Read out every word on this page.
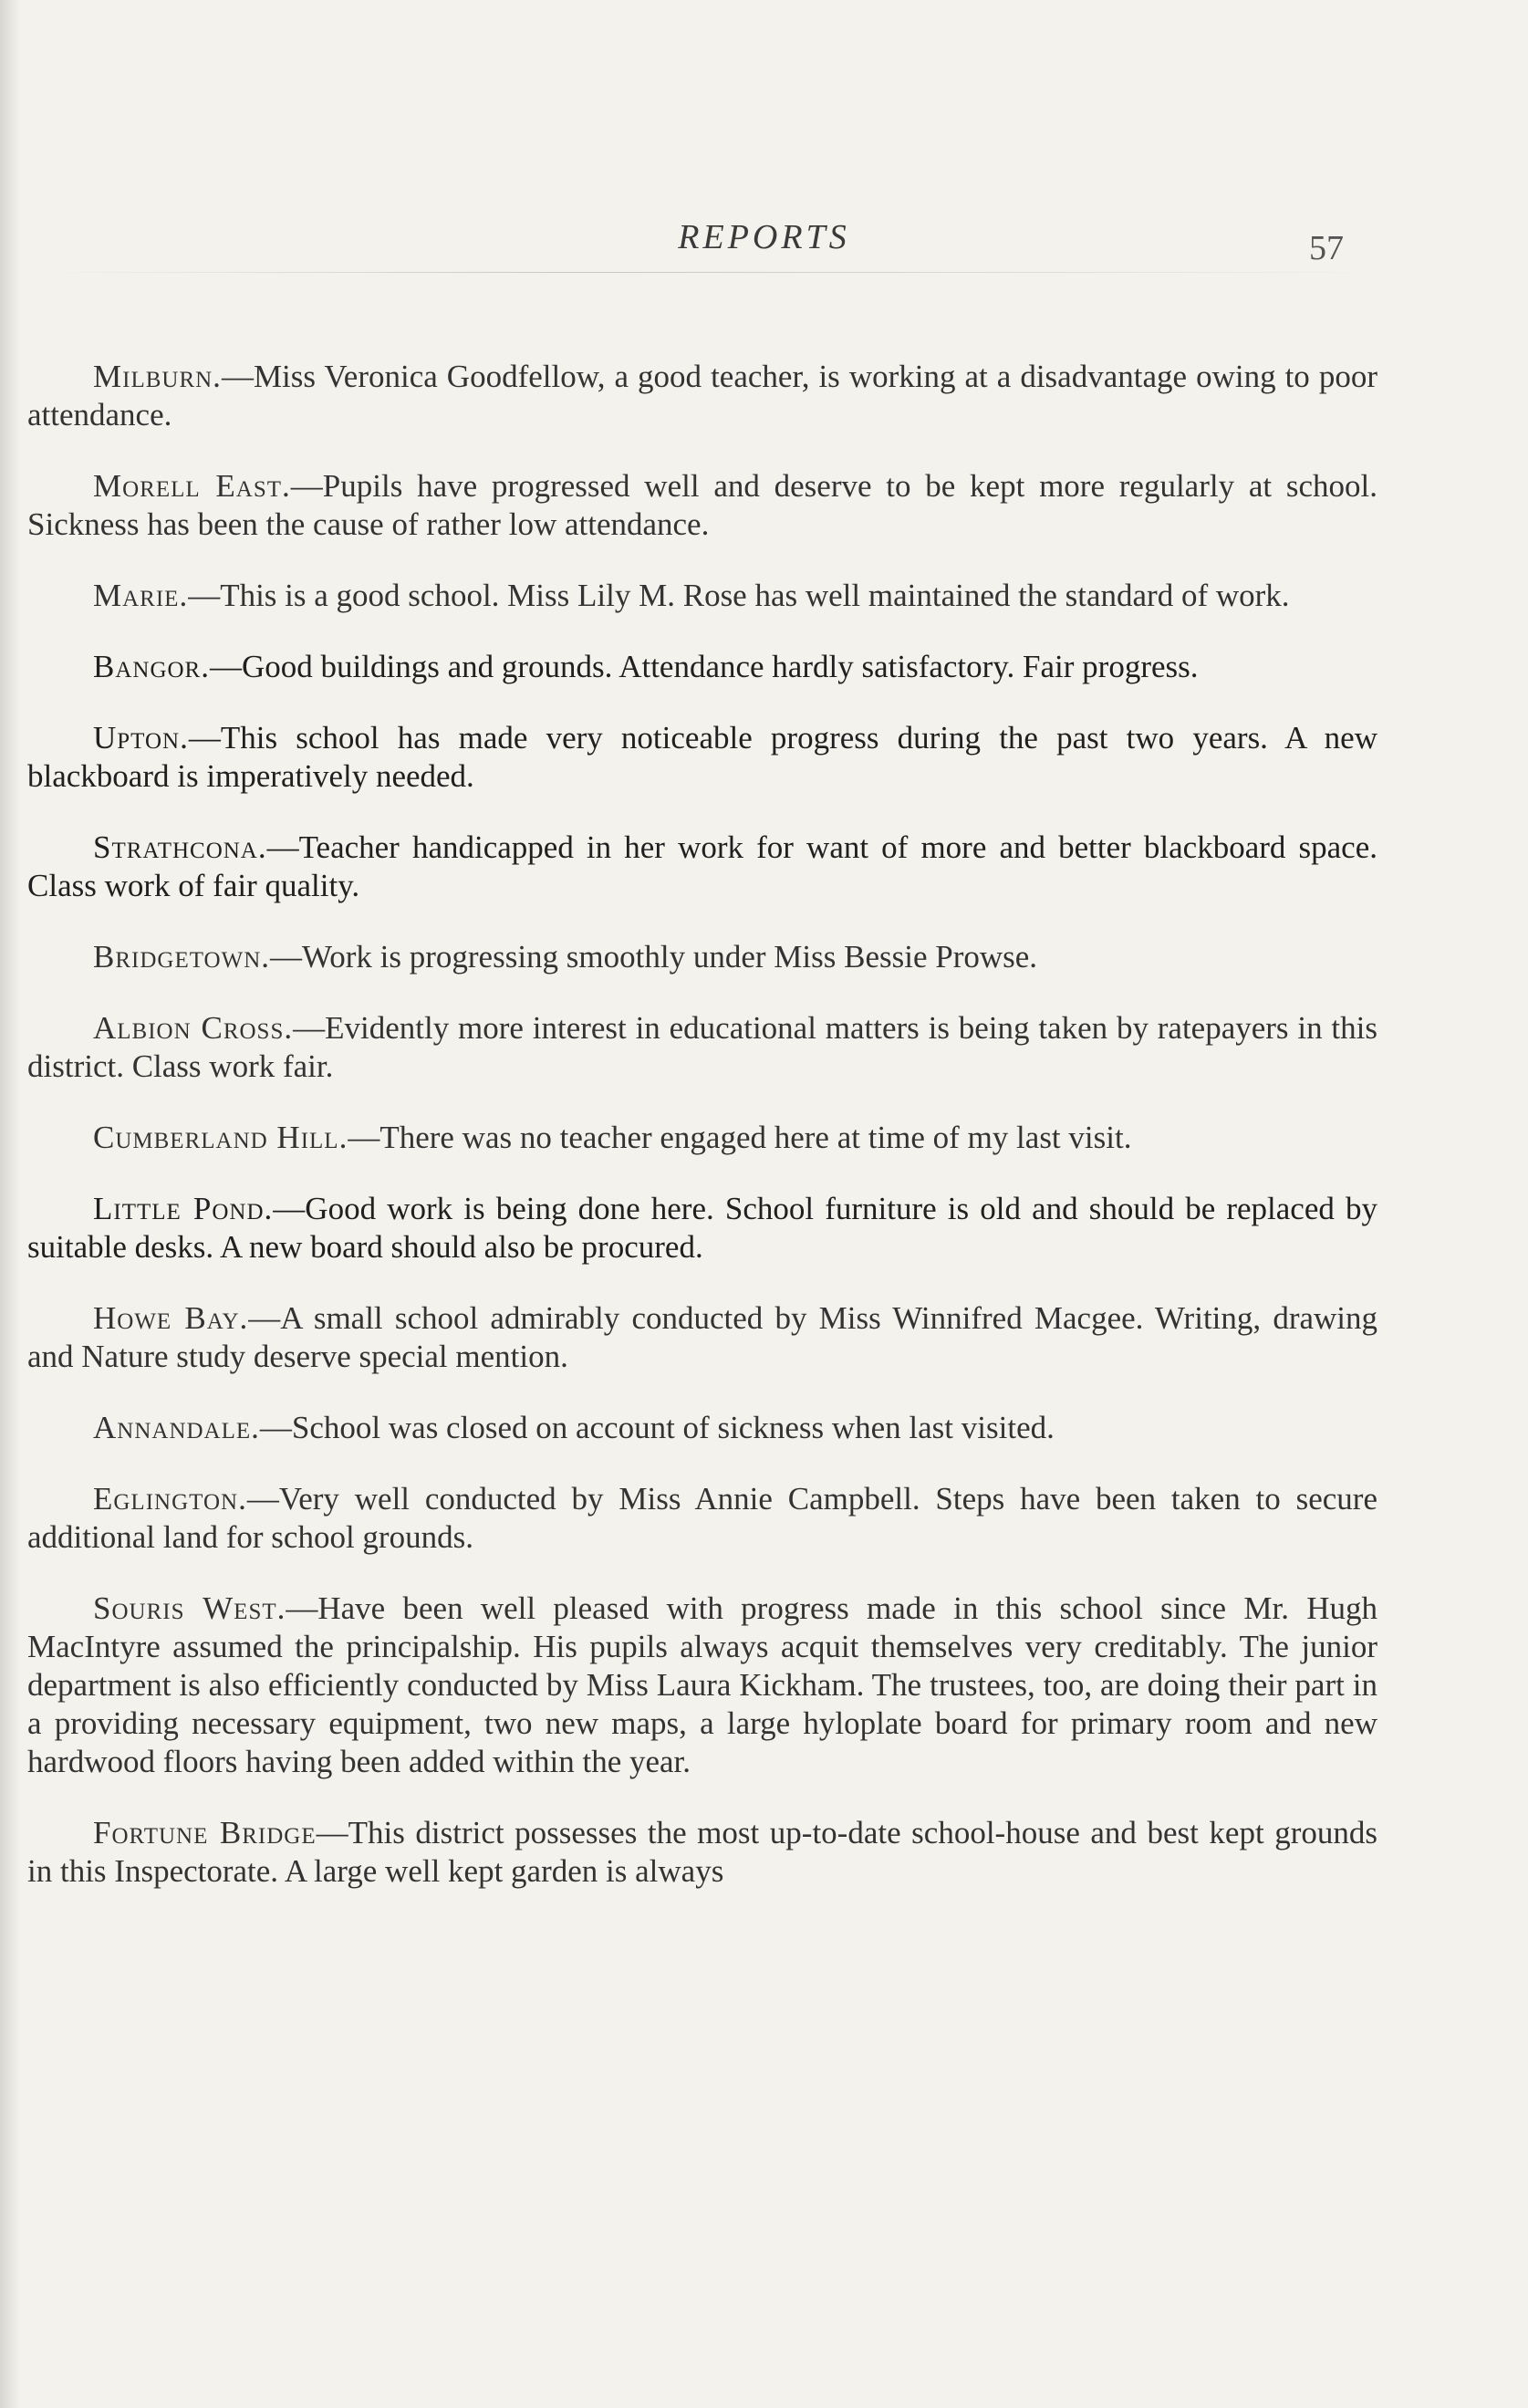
REPORTS	57

Milburn.—Miss Veronica Goodfellow, a good teacher, is working at a disadvantage owing to poor attendance.

Morell East.—Pupils have progressed well and deserve to be kept more regularly at school. Sickness has been the cause of rather low attendance.

Marie.—This is a good school. Miss Lily M. Rose has well maintained the standard of work.

Bangor.—Good buildings and grounds. Attendance hardly satisfactory. Fair progress.

Upton.—This school has made very noticeable progress during the past two years. A new blackboard is imperatively needed.

Strathcona.—Teacher handicapped in her work for want of more and better blackboard space. Class work of fair quality.

Bridgetown.—Work is progressing smoothly under Miss Bessie Prowse.

Albion Cross.—Evidently more interest in educational matters is being taken by ratepayers in this district. Class work fair.

Cumberland Hill.—There was no teacher engaged here at time of my last visit.

Little Pond.—Good work is being done here. School furniture is old and should be replaced by suitable desks. A new board should also be procured.

Howe Bay.—A small school admirably conducted by Miss Winnifred Macgee. Writing, drawing and Nature study deserve special mention.

Annandale.—School was closed on account of sickness when last visited.

Eglington.—Very well conducted by Miss Annie Campbell. Steps have been taken to secure additional land for school grounds.

Souris West.—Have been well pleased with progress made in this school since Mr. Hugh MacIntyre assumed the principalship. His pupils always acquit themselves very creditably. The junior department is also efficiently conducted by Miss Laura Kickham. The trustees, too, are doing their part in a providing necessary equipment, two new maps, a large hyloplate board for primary room and new hardwood floors having been added within the year.

Fortune Bridge—This district possesses the most up-to-date school-house and best kept grounds in this Inspectorate. A large well kept garden is always
